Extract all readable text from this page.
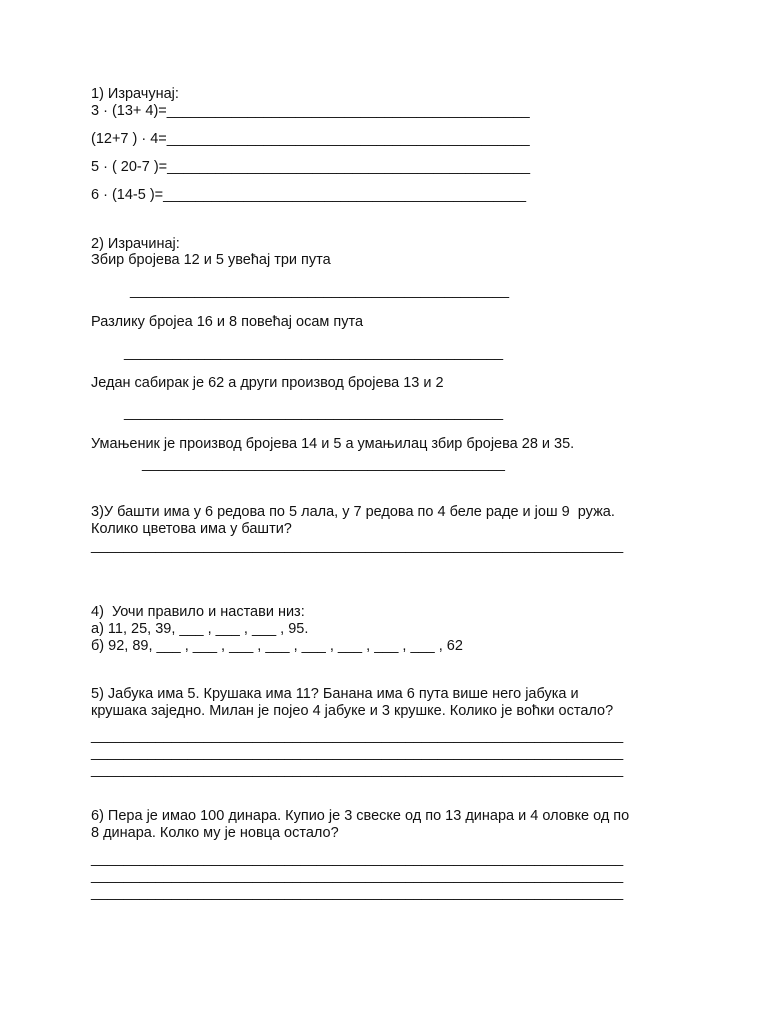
1) Израчунај:
3 · (13+ 4)=_____________________________________________
(12+7 ) · 4=_____________________________________________
5 · ( 20-7 )=_____________________________________________
6 · (14-5 )=_____________________________________________
2) Израчинај:
Збир бројева 12 и 5 увећај три пута
_______________________________________________
Разлику бројеа 16 и 8 повећај осам пута
_______________________________________________
Један сабирак је 62 а други производ бројева 13 и 2
_______________________________________________
Умањеник је производ бројева 14 и 5 а умањилац збир бројева 28 и 35.
_____________________________________________
3)У башти има у 6 редова по 5 лала, у 7 редова по 4 беле раде и још 9  ружа.
Колико цветова има у башти?
__________________________________________________________________
4)  Уочи правило и настави низ:
а) 11, 25, 39, ___ , ___ , ___ , 95.
б) 92, 89, ___ , ___ , ___ , ___ , ___ , ___ , ___ , ___ , 62
5) Јабука има 5. Крушака има 11? Банана има 6 пута више него јабука и
крушака заједно. Милан је појео 4 јабуке и 3 крушке. Колико је воћки остало?
__________________________________________________________________
__________________________________________________________________
__________________________________________________________________
6) Пера је имао 100 динара. Купио је 3 свеске од по 13 динара и 4 оловке од по
8 динара. Колко му је новца остало?
__________________________________________________________________
__________________________________________________________________
__________________________________________________________________
